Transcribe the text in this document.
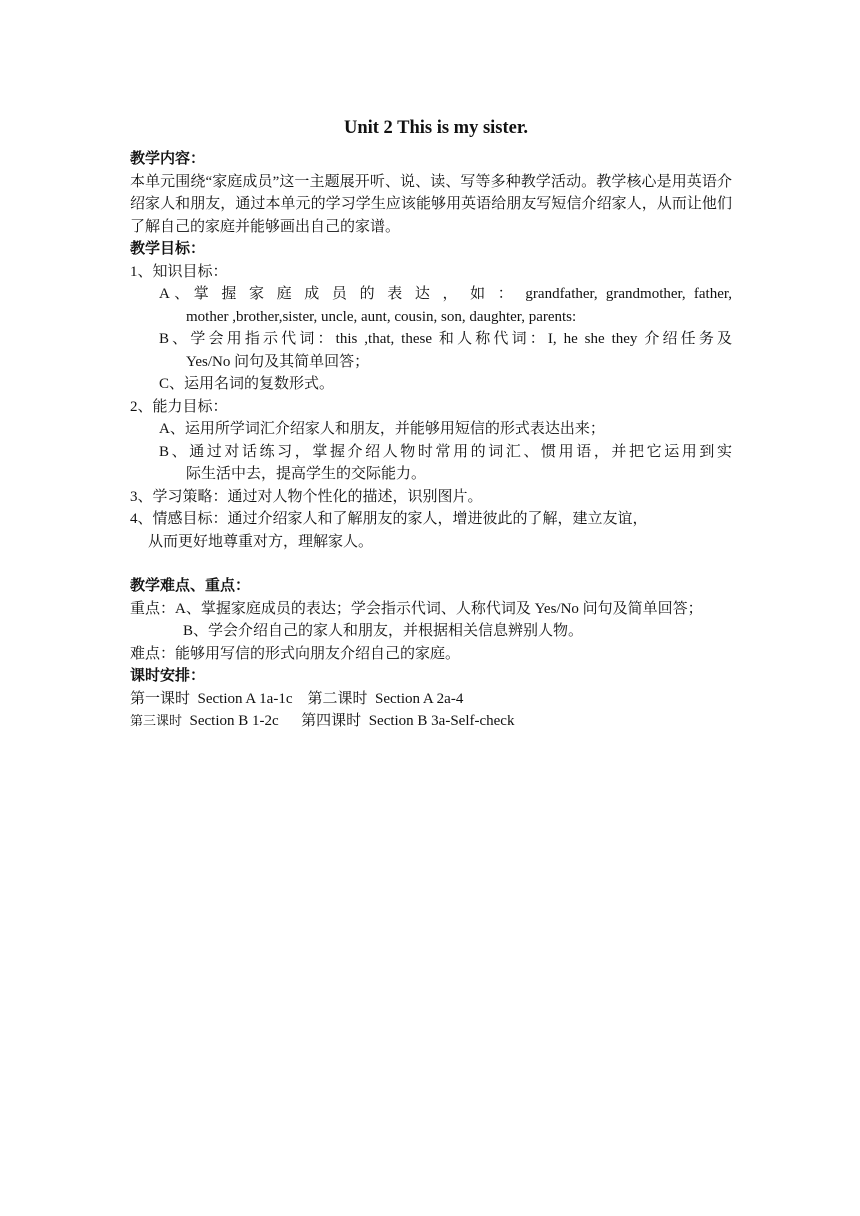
Unit 2 This is my sister.

教学内容：

本单元围绕“家庭成员”这一主题展开听、说、读、写等多种教学活动。教学核心是用英语介绍家人和朋友，通过本单元的学习学生应该能够用英语给朋友写短信介绍家人，从而让他们了解自己的家庭并能够画出自己的家谱。

教学目标：

1、知识目标：

A、掌 握 家 庭 成 员 的 表 达 ， 如 ： grandfather, grandmother, father,
mother ,brother,sister, uncle, aunt, cousin, son, daughter, parents:
B、学会用指示代词：this ,that, these 和人称代词：I, he she they 介绍任务及
Yes/No 问句及其简单回答；

C、运用名词的复数形式。

2、能力目标：

A、运用所学词汇介绍家人和朋友，并能够用短信的形式表达出来；

B、通过对话练习，掌握介绍人物时常用的词汇、惯用语，并把它运用到实
际生活中去，提高学生的交际能力。

3、学习策略：通过对人物个性化的描述，识别图片。

4、情感目标：通过介绍家人和了解朋友的家人，增进彼此的了解，建立友谊，

从而更好地尊重对方，理解家人。

教学难点、重点：

重点：A、掌握家庭成员的表达；学会指示代词、人称代词及 Yes/No 问句及简单回答；

B、学会介绍自己的家人和朋友，并根据相关信息辨别人物。

难点：能够用写信的形式向朋友介绍自己的家庭。

课时安排：

第一课时 Section A 1a-1c 第二课时 Section A 2a-4

第三课时 Section B 1-2c 第四课时 Section B 3a-Self-check
